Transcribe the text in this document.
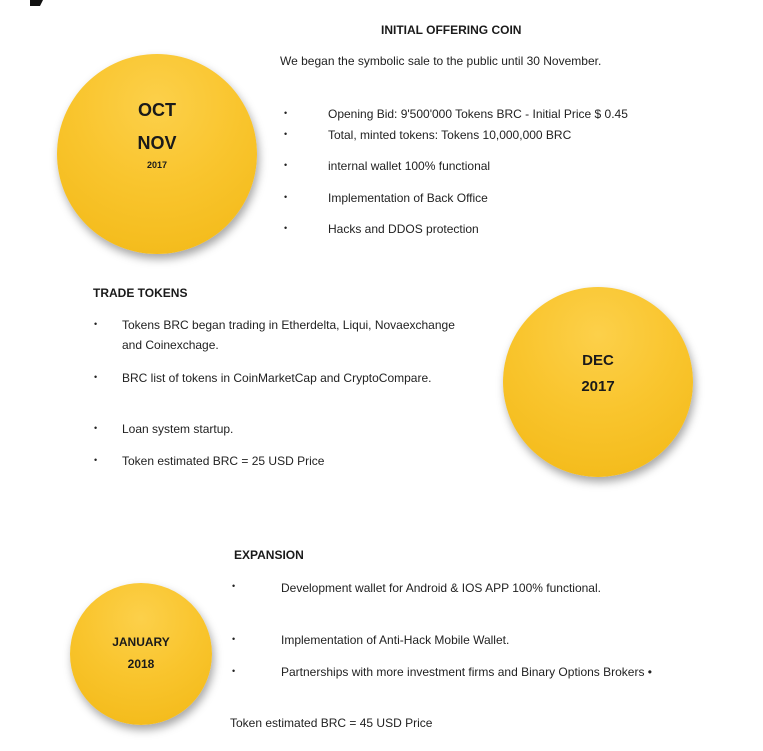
INITIAL OFFERING COIN
We began the symbolic sale to the public until 30 November.
OCT
NOV
2017
•	Opening Bid: 9'500'000 Tokens BRC - Initial Price $ 0.45
•	Total, minted tokens: Tokens 10,000,000 BRC
•	internal wallet 100% functional
•	Implementation of Back Office
•	Hacks and DDOS protection
TRADE TOKENS
• Tokens BRC began trading in Etherdelta, Liqui, Novaexchange
and Coinexchage.
• BRC list of tokens in CoinMarketCap and CryptoCompare.
• Loan system startup.
• Token estimated BRC = 25 USD Price
DEC
2017
EXPANSION
JANUARY
2018
•	Development wallet for Android & IOS APP 100% functional.
•	Implementation of Anti-Hack Mobile Wallet.
•	Partnerships with more investment firms and Binary Options Brokers •
Token estimated BRC = 45 USD Price
